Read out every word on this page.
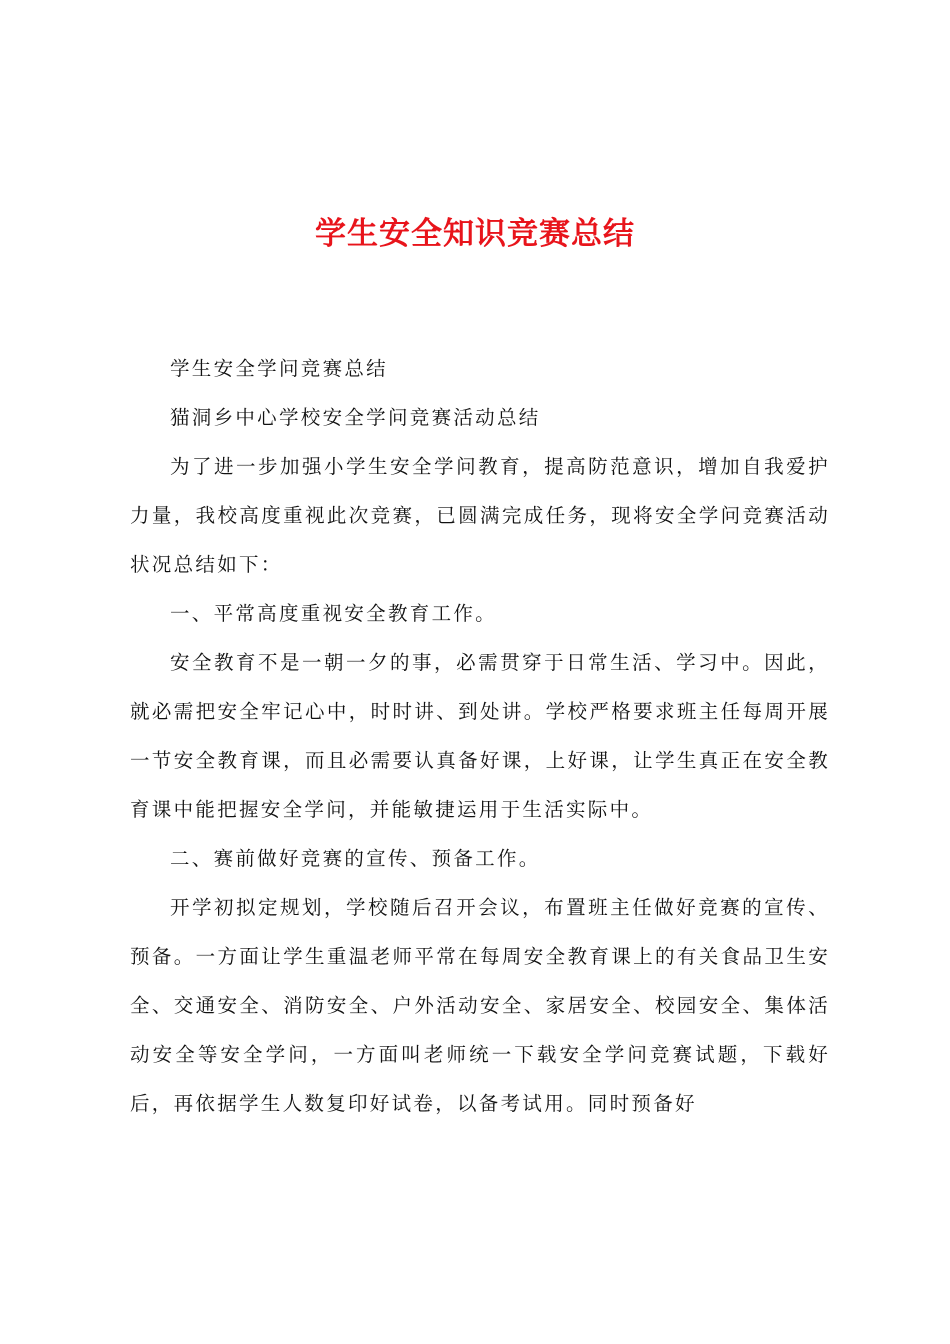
学生安全知识竞赛总结

学生安全学问竞赛总结

猫洞乡中心学校安全学问竞赛活动总结

为了进一步加强小学生安全学问教育，提高防范意识，增加自我爱护力量，我校高度重视此次竞赛，已圆满完成任务，现将安全学问竞赛活动状况总结如下：

一、平常高度重视安全教育工作。

安全教育不是一朝一夕的事，必需贯穿于日常生活、学习中。因此，就必需把安全牢记心中，时时讲、到处讲。学校严格要求班主任每周开展一节安全教育课，而且必需要认真备好课，上好课，让学生真正在安全教育课中能把握安全学问，并能敏捷运用于生活实际中。

二、赛前做好竞赛的宣传、预备工作。

开学初拟定规划，学校随后召开会议，布置班主任做好竞赛的宣传、预备。一方面让学生重温老师平常在每周安全教育课上的有关食品卫生安全、交通安全、消防安全、户外活动安全、家居安全、校园安全、集体活动安全等安全学问，一方面叫老师统一下载安全学问竞赛试题，下载好后，再依据学生人数复印好试卷，以备考试用。同时预备好
